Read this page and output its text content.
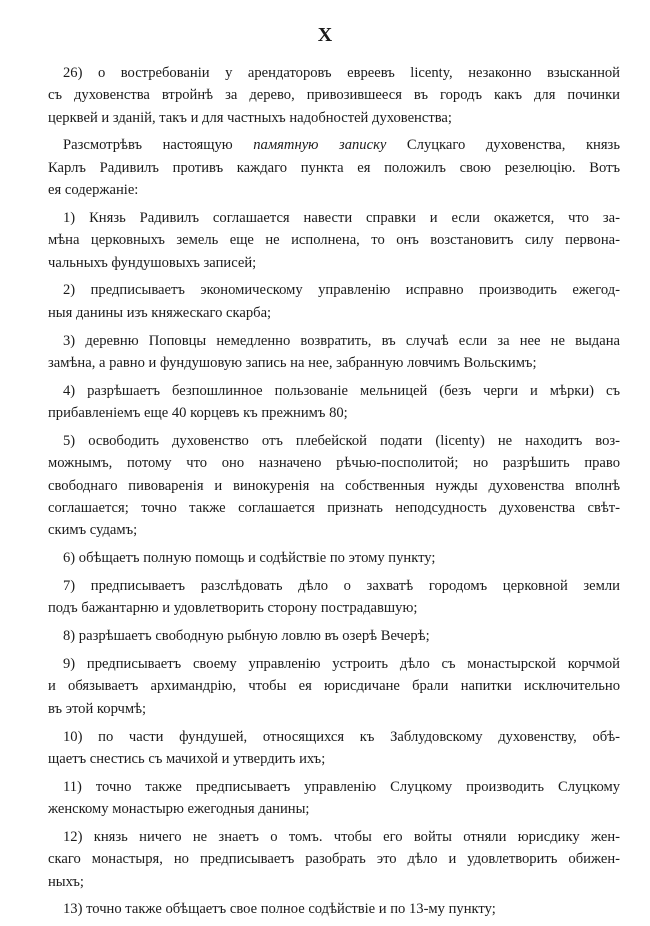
X
26) о востребованіи у арендаторовъ евреевъ licenty, незаконно взысканной
съ духовенства втройнѣ за дерево, привозившееся въ городъ какъ для починки
церквей и зданій, такъ и для частныхъ надобностей духовенства;
Разсмотрѣвъ настоящую памятную записку Слуцкаго духовенства, князь
Карлъ Радивилъ противъ каждаго пункта ея положилъ свою резелюцію. Вотъ
ея содержаніе:
1) Князь Радивилъ соглашается навести справки и если окажется, что за-
мѣна церковныхъ земель еще не исполнена, то онъ возстановитъ силу первона-
чальныхъ фундушовыхъ записей;
2) предписываетъ экономическому управленію исправно производить ежегод-
ныя данины изъ княжескаго скарба;
3) деревню Поповцы немедленно возвратить, въ случаѣ если за нее не выдана
замѣна, а равно и фундушовую запись на нее, забранную ловчимъ Вольскимъ;
4) разрѣшаетъ безпошлинное пользованіе мельницей (безъ черги и мѣрки) съ
прибавленіемъ еще 40 корцевъ къ прежнимъ 80;
5) освободить духовенство отъ плебейской подати (licenty) не находитъ воз-
можнымъ, потому что оно назначено рѣчью-посполитой; но разрѣшить право
свободнаго пивоваренія и винокуренія на собственныя нужды духовенства вполнѣ
соглашается; точно также соглашается признать неподсудность духовенства свѣт-
скимъ судамъ;
6) обѣщаетъ полную помощь и содѣйствіе по этому пункту;
7) предписываетъ разслѣдовать дѣло о захватѣ городомъ церковной земли
подъ бажантарню и удовлетворить сторону пострадавшую;
8) разрѣшаетъ свободную рыбную ловлю въ озерѣ Вечерѣ;
9) предписываетъ своему управленію устроить дѣло съ монастырской корчмой
и обязываетъ архимандрію, чтобы ея юрисдичане брали напитки исключительно
въ этой корчмѣ;
10) по части фундушей, относящихся къ Заблудовскому духовенству, обѣ-
щаетъ снестись съ мачихой и утвердить ихъ;
11) точно также предписываетъ управленію Слуцкому производить Слуцкому
женскому монастырю ежегодныя данины;
12) князь ничего не знаетъ о томъ. чтобы его войты отняли юрисдику жен-
скаго монастыря, но предписываетъ разобрать это дѣло и удовлетворить обижен-
ныхъ;
13) точно также обѣщаетъ свое полное содѣйствіе и по 13-му пункту;
